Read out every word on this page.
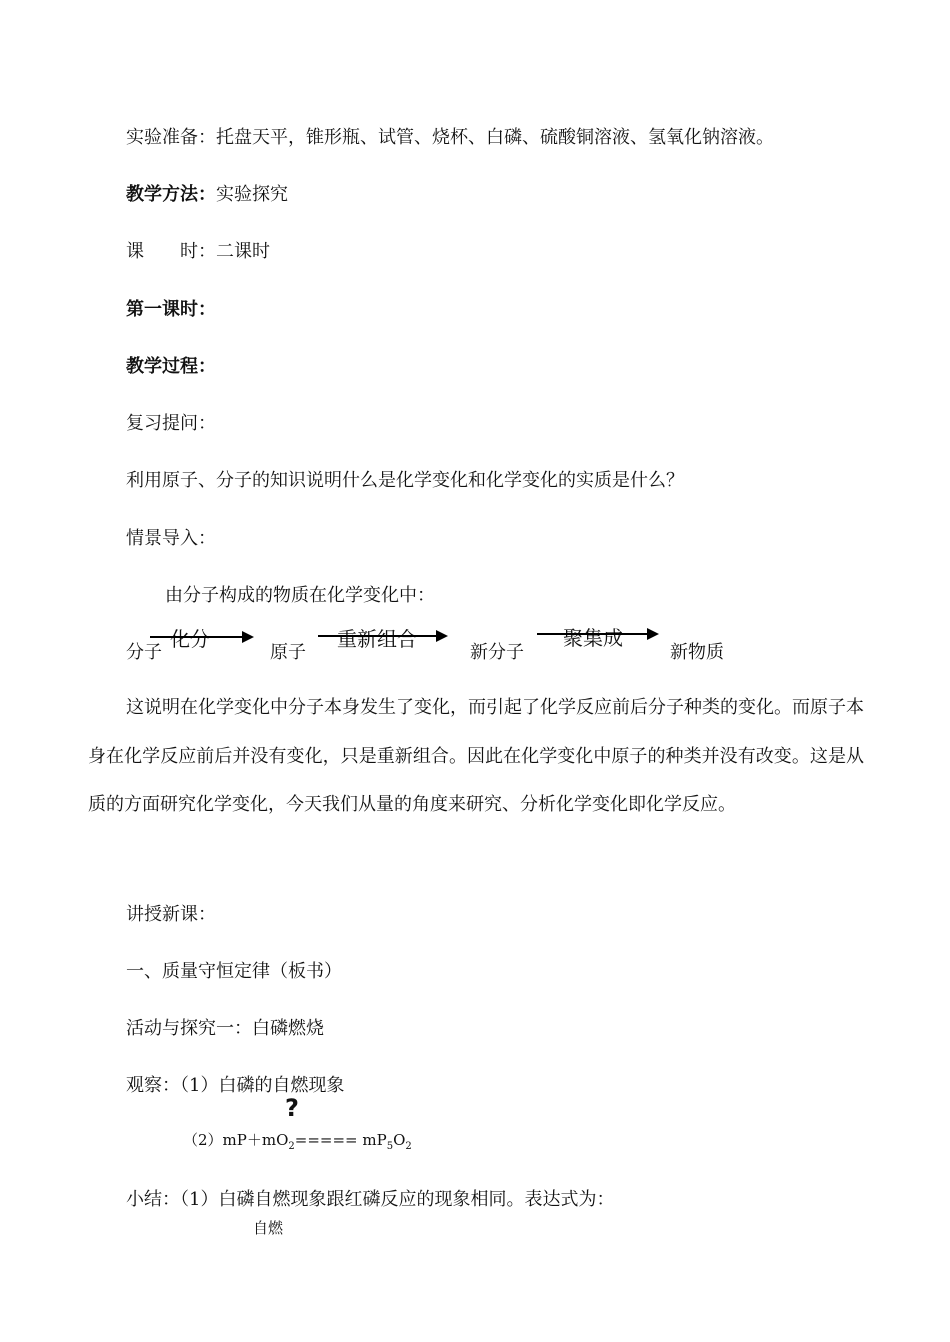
实验准备：托盘天平，锥形瓶、试管、烧杯、白磷、硫酸铜溶液、氢氧化钠溶液。
教学方法：实验探究
课　　时：二课时
第一课时：
教学过程：
复习提问：
利用原子、分子的知识说明什么是化学变化和化学变化的实质是什么？
情景导入：
由分子构成的物质在化学变化中：
分子
化分
原子
重新组合
新分子
聚集成
新物质
这说明在化学变化中分子本身发生了变化，而引起了化学反应前后分子种类的变化。而原子本身在化学反应前后并没有变化，只是重新组合。因此在化学变化中原子的种类并没有改变。这是从质的方面研究化学变化，今天我们从量的角度来研究、分析化学变化即化学反应。
讲授新课：
一、质量守恒定律（板书）
活动与探究一：白磷燃烧
观察：（1）白磷的自燃现象
?
$(2)mP+mO_2===== mP_5O_2$
小结：（1）白磷自燃现象跟红磷反应的现象相同。表达式为：
自燃
